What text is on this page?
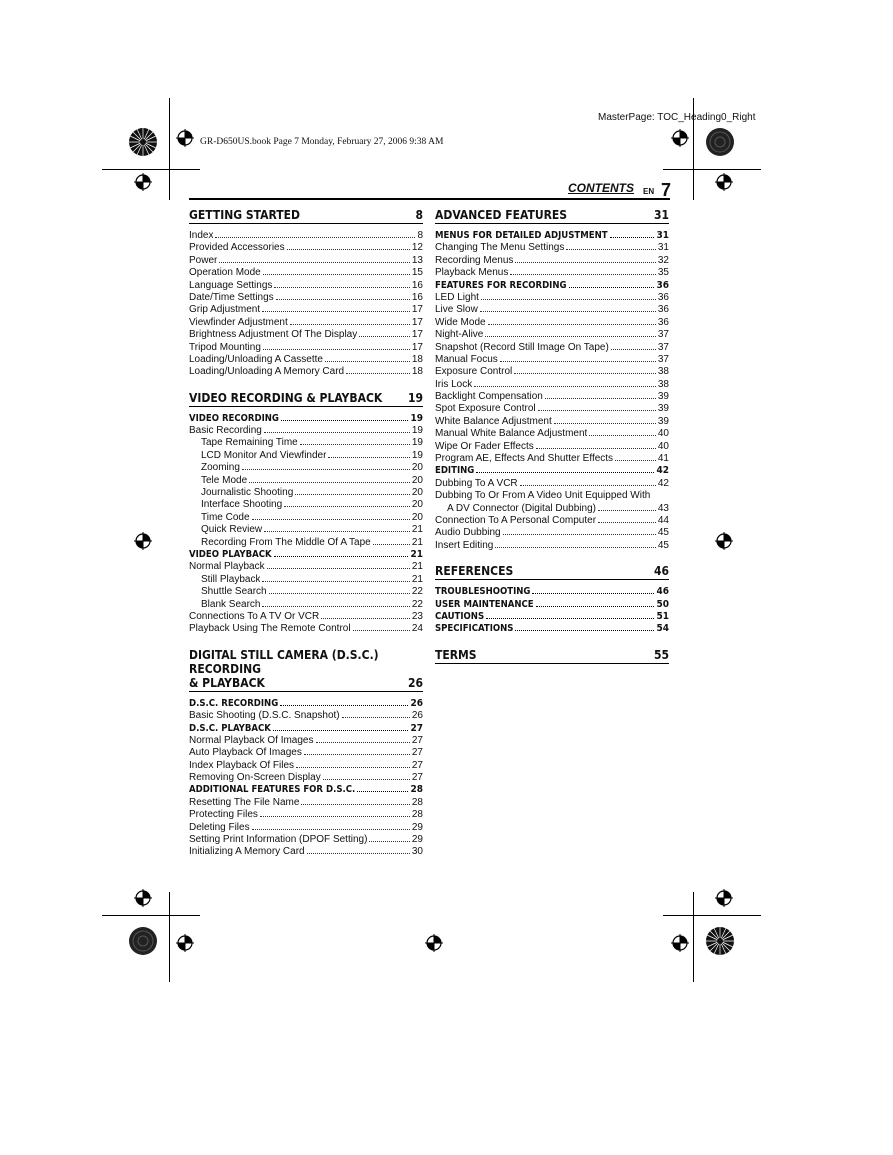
MasterPage: TOC_Heading0_Right
GR-D650US.book Page 7 Monday, February 27, 2006 9:38 AM
CONTENTS EN 7
GETTING STARTED	8
Index	8
Provided Accessories	12
Power	13
Operation Mode	15
Language Settings	16
Date/Time Settings	16
Grip Adjustment	17
Viewfinder Adjustment	17
Brightness Adjustment Of The Display	17
Tripod Mounting	17
Loading/Unloading A Cassette	18
Loading/Unloading A Memory Card	18
VIDEO RECORDING & PLAYBACK	19
VIDEO RECORDING	19
Basic Recording	19
Tape Remaining Time	19
LCD Monitor And Viewfinder	19
Zooming	20
Tele Mode	20
Journalistic Shooting	20
Interface Shooting	20
Time Code	20
Quick Review	21
Recording From The Middle Of A Tape	21
VIDEO PLAYBACK	21
Normal Playback	21
Still Playback	21
Shuttle Search	22
Blank Search	22
Connections To A TV Or VCR	23
Playback Using The Remote Control	24
DIGITAL STILL CAMERA (D.S.C.) RECORDING
& PLAYBACK	26
D.S.C. RECORDING	26
Basic Shooting (D.S.C. Snapshot)	26
D.S.C. PLAYBACK	27
Normal Playback Of Images	27
Auto Playback Of Images	27
Index Playback Of Files	27
Removing On-Screen Display	27
ADDITIONAL FEATURES FOR D.S.C.	28
Resetting The File Name	28
Protecting Files	28
Deleting Files	29
Setting Print Information (DPOF Setting)	29
Initializing A Memory Card	30
ADVANCED FEATURES	31
MENUS FOR DETAILED ADJUSTMENT	31
Changing The Menu Settings	31
Recording Menus	32
Playback Menus	35
FEATURES FOR RECORDING	36
LED Light	36
Live Slow	36
Wide Mode	36
Night-Alive	37
Snapshot (Record Still Image On Tape)	37
Manual Focus	37
Exposure Control	38
Iris Lock	38
Backlight Compensation	39
Spot Exposure Control	39
White Balance Adjustment	39
Manual White Balance Adjustment	40
Wipe Or Fader Effects	40
Program AE, Effects And Shutter Effects	41
EDITING	42
Dubbing To A VCR	42
Dubbing To Or From A Video Unit Equipped With
A DV Connector (Digital Dubbing)	43
Connection To A Personal Computer	44
Audio Dubbing	45
Insert Editing	45
REFERENCES	46
TROUBLESHOOTING	46
USER MAINTENANCE	50
CAUTIONS	51
SPECIFICATIONS	54
TERMS	55
